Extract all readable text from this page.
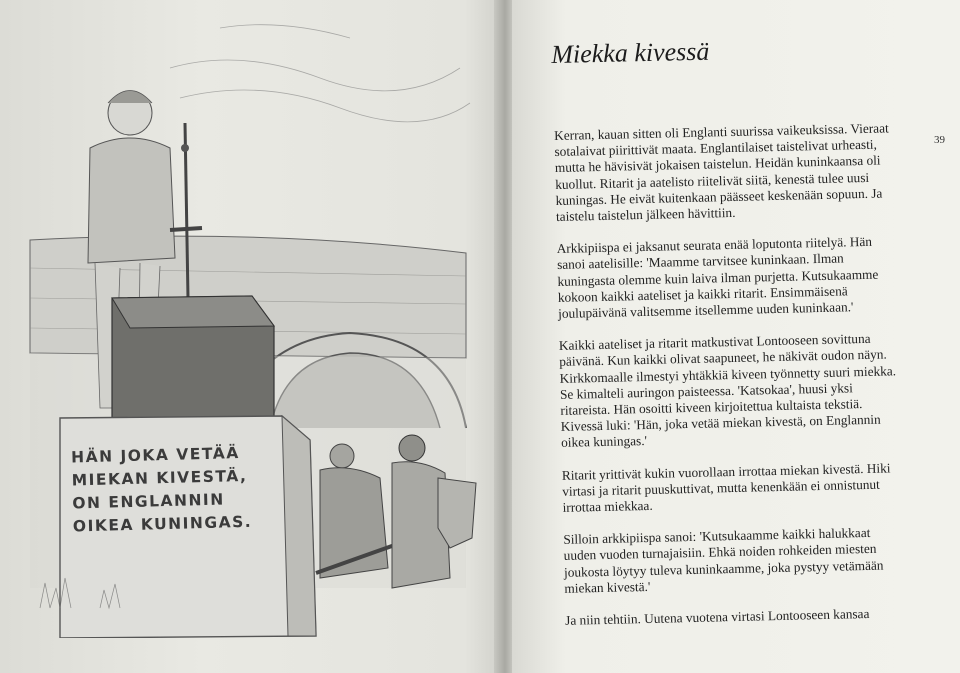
HÄN JOKA VETÄÄ
MIEKAN KIVESTÄ,
ON ENGLANNIN
OIKEA KUNINGAS.
Miekka kivessä
39

Kerran, kauan sitten oli Englanti suurissa vaikeuksissa. Vieraat
sotalaivat piirittivät maata. Englantilaiset taistelivat urheasti,
mutta he hävisivät jokaisen taistelun. Heidän kuninkaansa oli
kuollut. Ritarit ja aatelisto riitelivät siitä, kenestä tulee uusi
kuningas. He eivät kuitenkaan päässeet keskenään sopuun. Ja
taistelu taistelun jälkeen hävittiin.

Arkkipiispa ei jaksanut seurata enää loputonta riitelyä. Hän
sanoi aatelisille: 'Maamme tarvitsee kuninkaan. Ilman
kuningasta olemme kuin laiva ilman purjetta. Kutsukaamme
kokoon kaikki aateliset ja kaikki ritarit. Ensimmäisenä
joulupäivänä valitsemme itsellemme uuden kuninkaan.'

Kaikki aateliset ja ritarit matkustivat Lontooseen sovittuna
päivänä. Kun kaikki olivat saapuneet, he näkivät oudon näyn.
Kirkkomaalle ilmestyi yhtäkkiä kiveen työnnetty suuri miekka.
Se kimalteli auringon paisteessa. 'Katsokaa', huusi yksi
ritareista. Hän osoitti kiveen kirjoitettua kultaista tekstiä.
Kivessä luki: 'Hän, joka vetää miekan kivestä, on Englannin
oikea kuningas.'

Ritarit yrittivät kukin vuorollaan irrottaa miekan kivestä. Hiki
virtasi ja ritarit puuskuttivat, mutta kenenkään ei onnistunut
irrottaa miekkaa.

Silloin arkkipiispa sanoi: 'Kutsukaamme kaikki halukkaat
uuden vuoden turnajaisiin. Ehkä noiden rohkeiden miesten
joukosta löytyy tuleva kuninkaamme, joka pystyy vetämään
miekan kivestä.'

Ja niin tehtiin. Uutena vuotena virtasi Lontooseen kansaa
